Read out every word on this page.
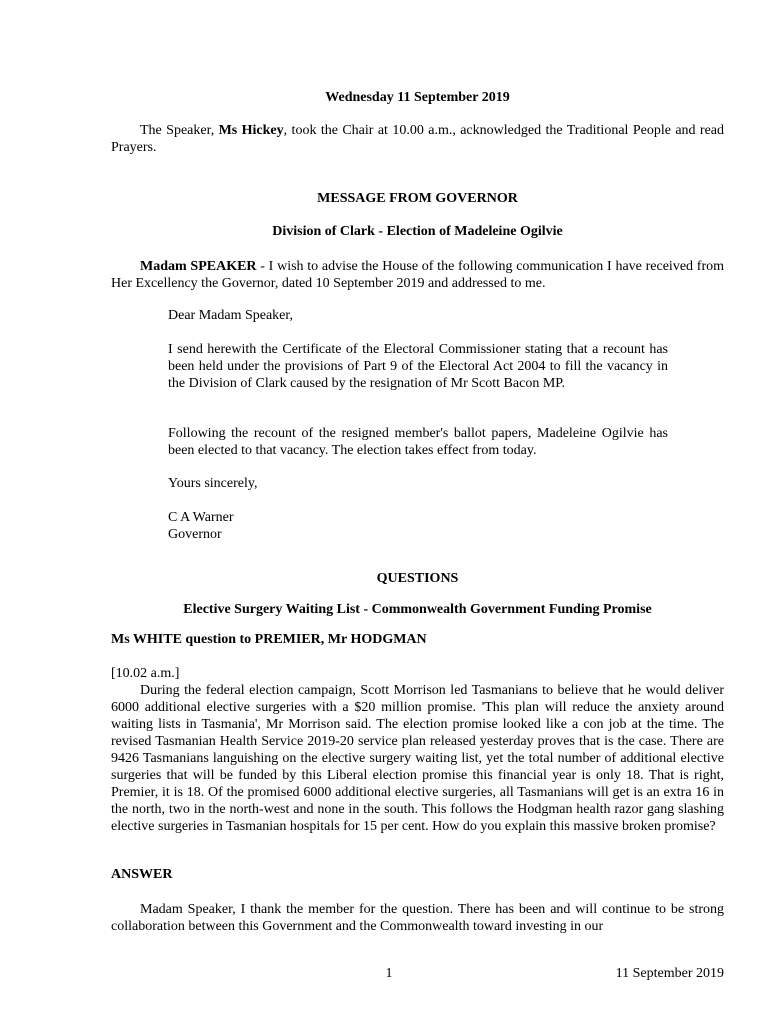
Wednesday 11 September 2019

The Speaker, Ms Hickey, took the Chair at 10.00 a.m., acknowledged the Traditional People and read Prayers.

MESSAGE FROM GOVERNOR

Division of Clark - Election of Madeleine Ogilvie

Madam SPEAKER - I wish to advise the House of the following communication I have received from Her Excellency the Governor, dated 10 September 2019 and addressed to me.

Dear Madam Speaker,

I send herewith the Certificate of the Electoral Commissioner stating that a recount has been held under the provisions of Part 9 of the Electoral Act 2004 to fill the vacancy in the Division of Clark caused by the resignation of Mr Scott Bacon MP.

Following the recount of the resigned member's ballot papers, Madeleine Ogilvie has been elected to that vacancy. The election takes effect from today.

Yours sincerely,

C A Warner

Governor

QUESTIONS

Elective Surgery Waiting List - Commonwealth Government Funding Promise

Ms WHITE question to PREMIER, Mr HODGMAN

[10.02 a.m.]

During the federal election campaign, Scott Morrison led Tasmanians to believe that he would deliver 6000 additional elective surgeries with a $20 million promise. 'This plan will reduce the anxiety around waiting lists in Tasmania', Mr Morrison said. The election promise looked like a con job at the time. The revised Tasmanian Health Service 2019-20 service plan released yesterday proves that is the case. There are 9426 Tasmanians languishing on the elective surgery waiting list, yet the total number of additional elective surgeries that will be funded by this Liberal election promise this financial year is only 18. That is right, Premier, it is 18. Of the promised 6000 additional elective surgeries, all Tasmanians will get is an extra 16 in the north, two in the north-west and none in the south. This follows the Hodgman health razor gang slashing elective surgeries in Tasmanian hospitals for 15 per cent. How do you explain this massive broken promise?

ANSWER

Madam Speaker, I thank the member for the question. There has been and will continue to be strong collaboration between this Government and the Commonwealth toward investing in our

1	11 September 2019
